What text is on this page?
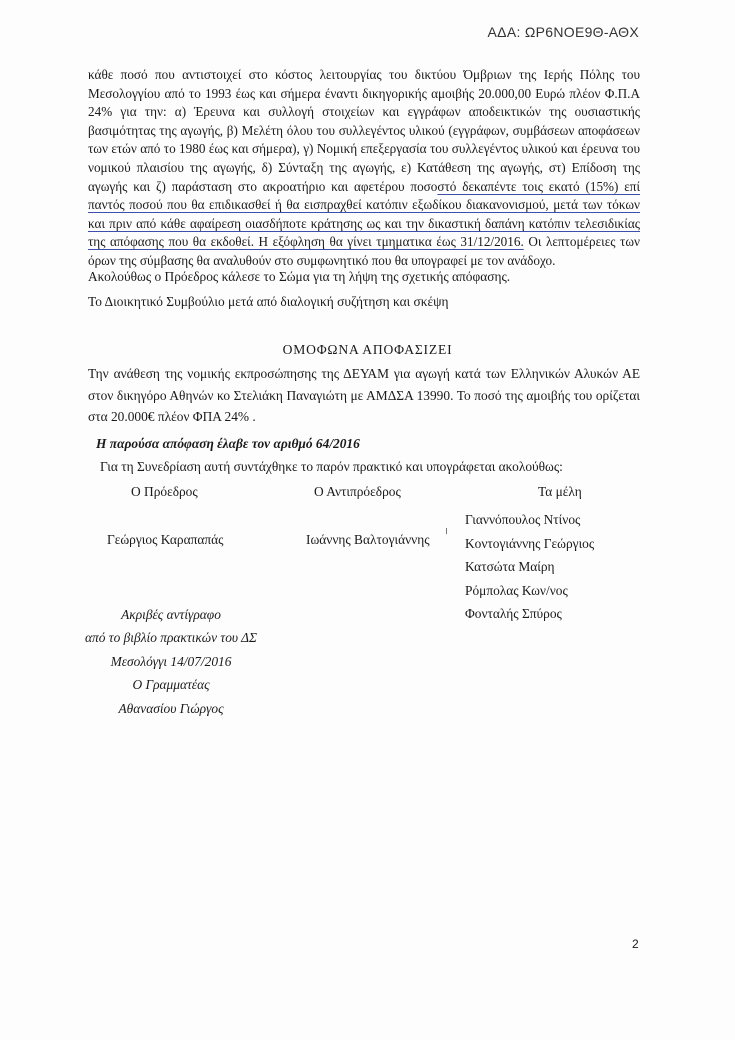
ΑΔΑ: ΩΡ6ΝΟΕ9Θ-ΑΘΧ

κάθε ποσό που αντιστοιχεί στο κόστος λειτουργίας του δικτύου Όμβριων της Ιερής Πόλης του Μεσολογγίου από το 1993 έως και σήμερα έναντι δικηγορικής αμοιβής 20.000,00 Ευρώ πλέον Φ.Π.Α 24% για την: α) Έρευνα και συλλογή στοιχείων και εγγράφων αποδεικτικών της ουσιαστικής βασιμότητας της αγωγής, β) Μελέτη όλου του συλλεγέντος υλικού (εγγράφων, συμβάσεων αποφάσεων των ετών από το 1980 έως και σήμερα), γ) Νομική επεξεργασία του συλλεγέντος υλικού και έρευνα του νομικού πλαισίου της αγωγής, δ) Σύνταξη της αγωγής, ε) Κατάθεση της αγωγής, στ) Επίδοση της αγωγής και ζ) παράσταση στο ακροατήριο και αφετέρου ποσοστό δεκαπέντε τοις εκατό (15%) επί παντός ποσού που θα επιδικασθεί ή θα εισπραχθεί κατόπιν εξωδίκου διακανονισμού, μετά των τόκων και πριν από κάθε αφαίρεση οιασδήποτε κράτησης ως και την δικαστική δαπάνη κατόπιν τελεσιδικίας της απόφασης που θα εκδοθεί. Η εξόφληση θα γίνει τμηματικα έως 31/12/2016. Οι λεπτομέρειες των όρων της σύμβασης θα αναλυθούν στο συμφωνητικό που θα υπογραφεί με τον ανάδοχο.

Ακολούθως ο Πρόεδρος κάλεσε το Σώμα για τη λήψη της σχετικής απόφασης.
Το Διοικητικό Συμβούλιο μετά από διαλογική συζήτηση και σκέψη
ΟΜΟΦΩΝΑ ΑΠΟΦΑΣΙΖΕΙ
Την ανάθεση της νομικής εκπροσώπησης της ΔΕΥΑΜ για αγωγή κατά των Ελληνικών Αλυκών ΑΕ στον δικηγόρο Αθηνών κο Στελιάκη Παναγιώτη με ΑΜΔΣΑ 13990. Το ποσό της αμοιβής του ορίζεται στα 20.000€ πλέον ΦΠΑ 24% .
Η παρούσα απόφαση έλαβε τον αριθμό 64/2016
Για τη Συνεδρίαση αυτή συντάχθηκε το παρόν πρακτικό και υπογράφεται ακολούθως:
Ο Πρόεδρος	Ο Αντιπρόεδρος	Τα μέλη
Γεώργιος Καραπαπάς	Ιωάννης Βαλτογιάννης
Γιαννόπουλος Ντίνος
Κοντογιάννης Γεώργιος
Κατσώτα Μαίρη
Ρόμπολας Κων/νος
Φονταλής Σπύρος
Ακριβές αντίγραφο
από το βιβλίο πρακτικών του ΔΣ
Μεσολόγγι 14/07/2016
Ο Γραμματέας
Αθανασίου Γιώργος
2
